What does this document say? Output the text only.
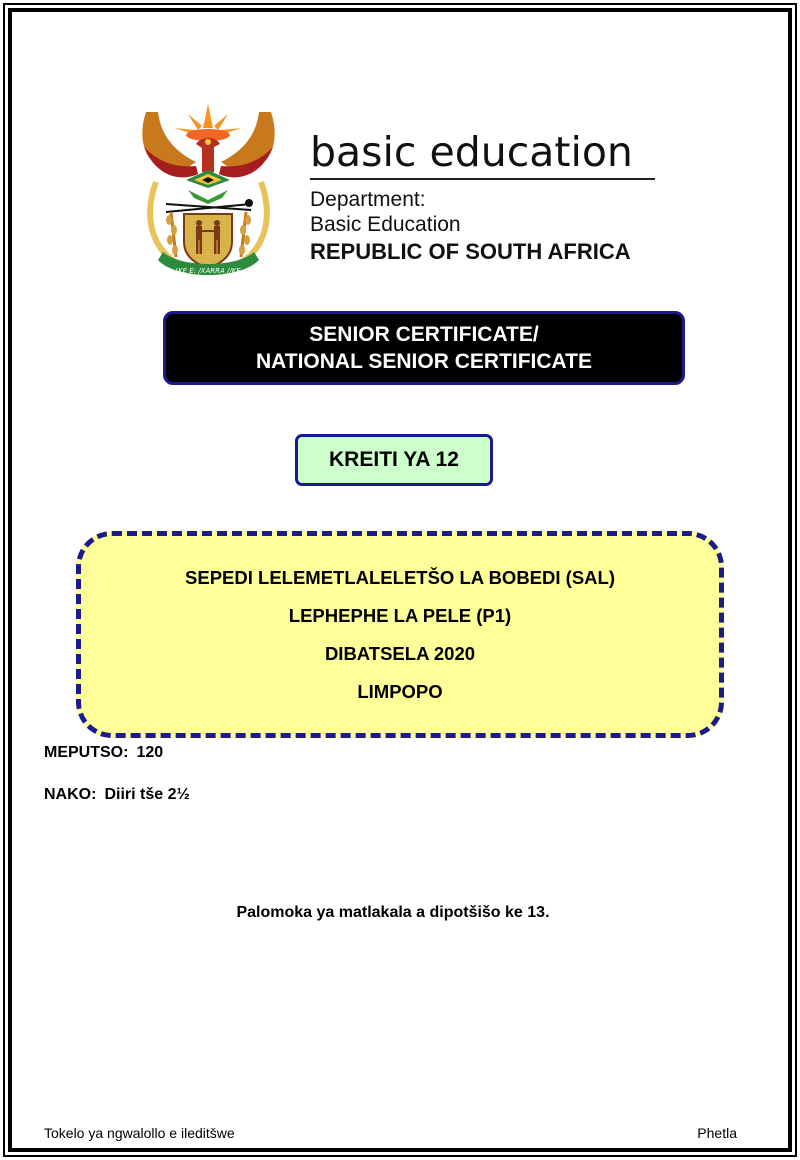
!KE E: /XARRA //KE
basic education
Department:
Basic Education
REPUBLIC OF SOUTH AFRICA
SENIOR CERTIFICATE/
NATIONAL SENIOR CERTIFICATE
KREITI YA 12
SEPEDI LELEMETLALELETŠO LA BOBEDI (SAL)
LEPHEPHE LA PELE (P1)
DIBATSELA 2020
LIMPOPO
MEPUTSO: 120
NAKO: Diiri tše 2½
Palomoka ya matlakala a dipotšišo ke 13.
Tokelo ya ngwalollo e ileditšwe	Phetla
